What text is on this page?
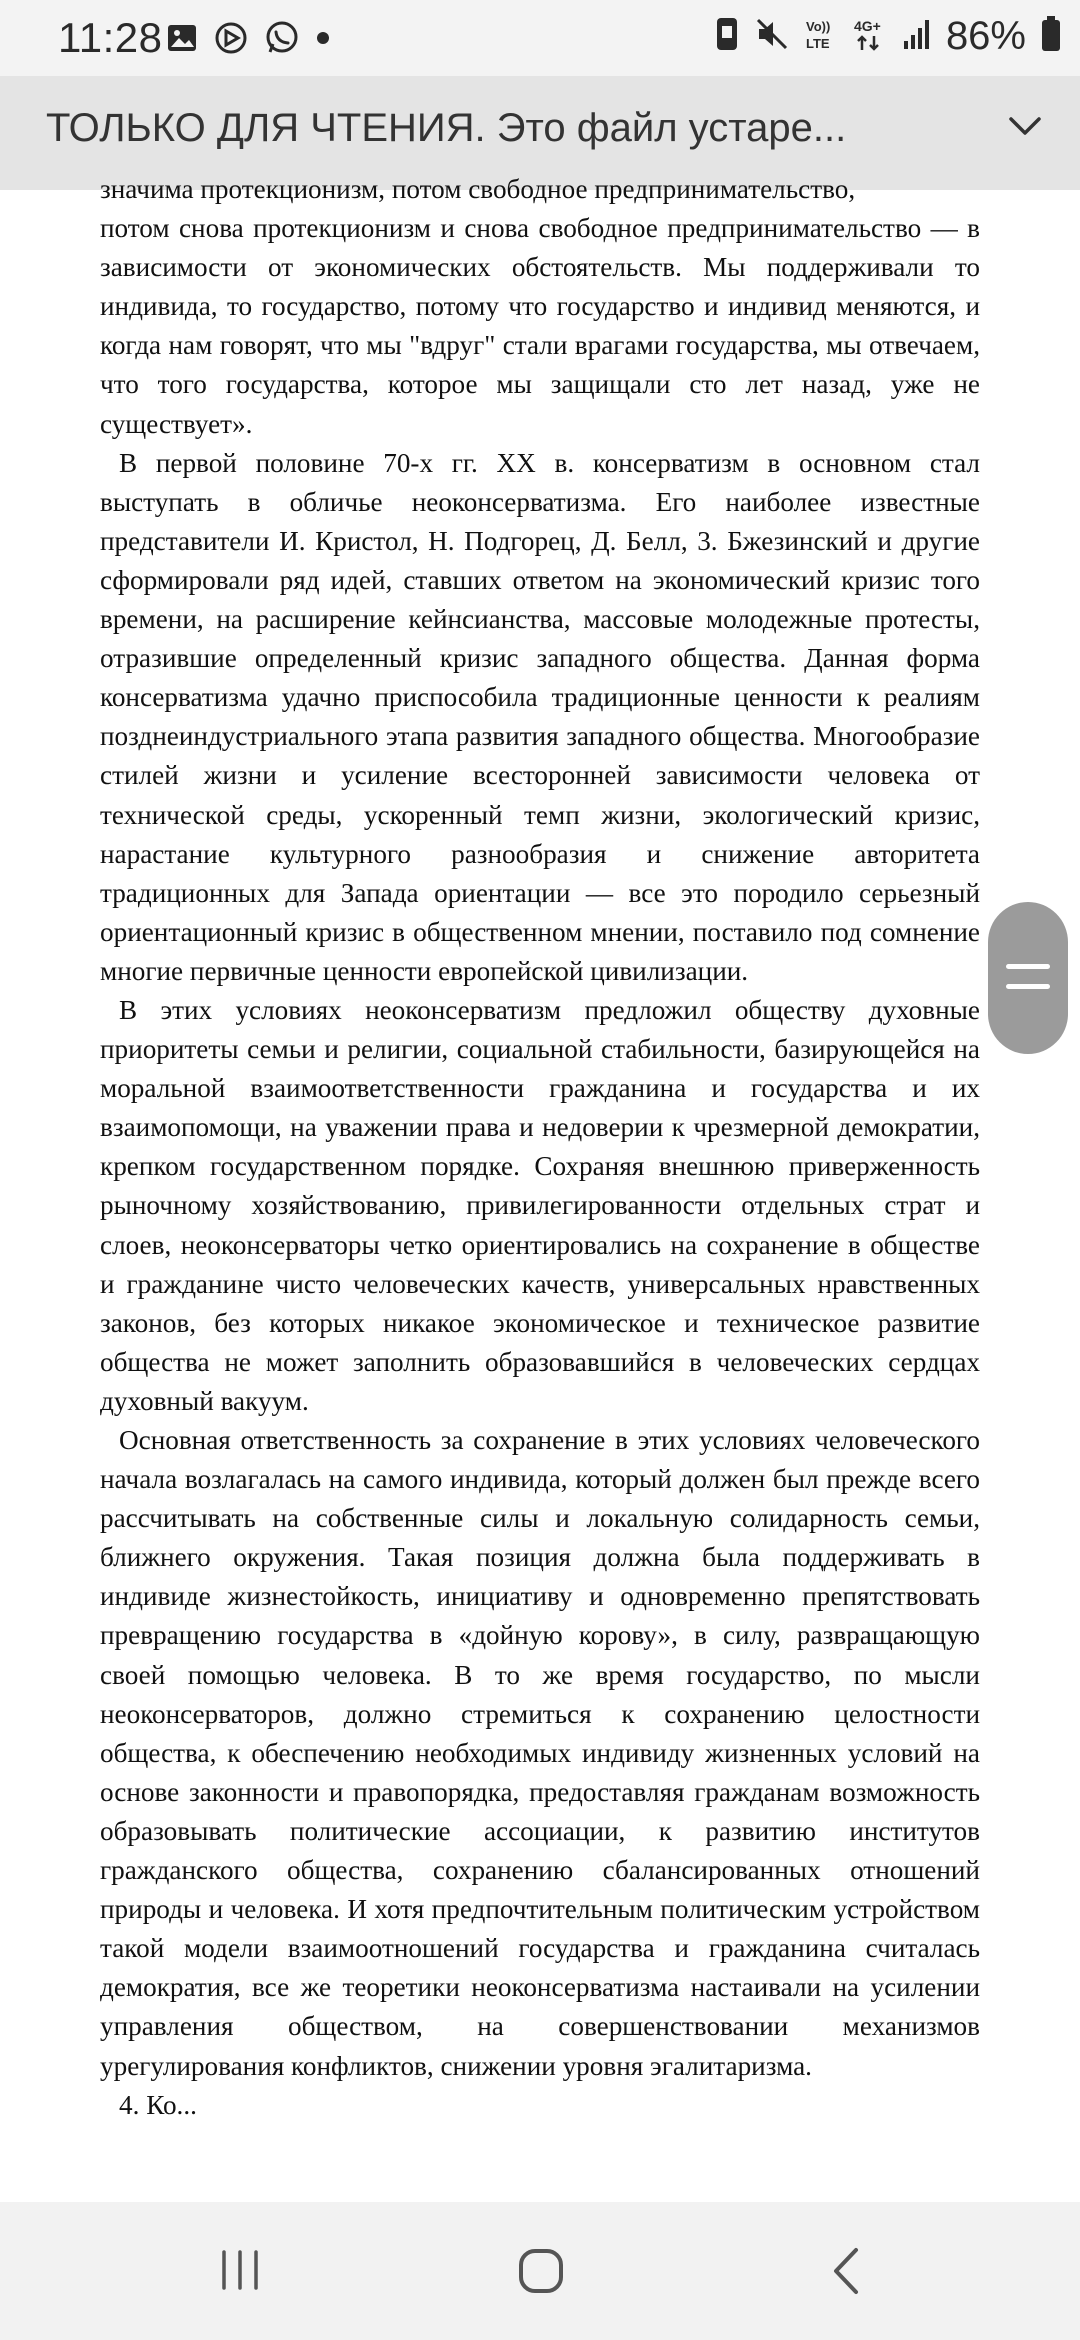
11:28	Vo))
LTE
4G+ 86%
ТОЛЬКО ДЛЯ ЧТЕНИЯ. Это файл устаре...
значима протекционизм, потом свободное предпринимательство,

потом снова протекционизм и снова свободное предпринимательство — в зависимости от экономических обстоятельств. Мы поддерживали то индивида, то государство, потому что государство и индивид меняются, и когда нам говорят, что мы "вдруг" стали врагами государства, мы отвечаем, что того государства, которое мы защищали сто лет назад, уже не существует».

В первой половине 70-х гг. XX в. консерватизм в основном стал выступать в обличье неоконсерватизма. Его наиболее известные представители И. Кристол, Н. Подгорец, Д. Белл, 3. Бжезинский и другие сформировали ряд идей, ставших ответом на экономический кризис того времени, на расширение кейнсианства, массовые молодежные протесты, отразившие определенный кризис западного общества. Данная форма консерватизма удачно приспособила традиционные ценности к реалиям позднеиндустриального этапа развития западного общества. Многообразие стилей жизни и усиление всесторонней зависимости человека от технической среды, ускоренный темп жизни, экологический кризис, нарастание культурного разнообразия и снижение авторитета традиционных для Запада ориентации — все это породило серьезный ориентационный кризис в общественном мнении, поставило под сомнение многие первичные ценности европейской цивилизации.

В этих условиях неоконсерватизм предложил обществу духовные приоритеты семьи и религии, социальной стабильности, базирующейся на моральной взаимоответственности гражданина и государства и их взаимопомощи, на уважении права и недоверии к чрезмерной демократии, крепком государственном порядке. Сохраняя внешнюю приверженность рыночному хозяйствованию, привилегированности отдельных страт и слоев, неоконсерваторы четко ориентировались на сохранение в обществе и гражданине чисто человеческих качеств, универсальных нравственных законов, без которых никакое экономическое и техническое развитие общества не может заполнить образовавшийся в человеческих сердцах духовный вакуум.

Основная ответственность за сохранение в этих условиях человеческого начала возлагалась на самого индивида, который должен был прежде всего рассчитывать на собственные силы и локальную солидарность семьи, ближнего окружения. Такая позиция должна была поддерживать в индивиде жизнестойкость, инициативу и одновременно препятствовать превращению государства в «дойную корову», в силу, развращающую своей помощью человека. В то же время государство, по мысли неоконсерваторов, должно стремиться к сохранению целостности общества, к обеспечению необходимых индивиду жизненных условий на основе законности и правопорядка, предоставляя гражданам возможность образовывать политические ассоциации, к развитию институтов гражданского общества, сохранению сбалансированных отношений природы и человека. И хотя предпочтительным политическим устройством такой модели взаимоотношений государства и гражданина считалась демократия, все же теоретики неоконсерватизма настаивали на усилении управления обществом, на совершенствовании механизмов урегулирования конфликтов, снижении уровня эгалитаризма.

4. Ко...
